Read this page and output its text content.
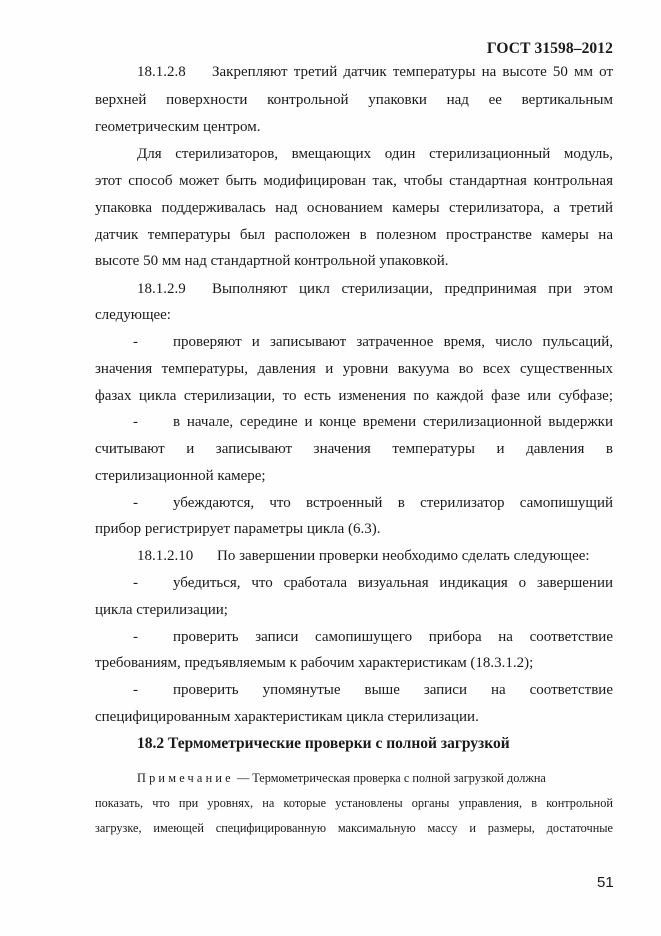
ГОСТ 31598–2012
18.1.2.8 Закрепляют третий датчик температуры на высоте 50 мм от
верхней поверхности контрольной упаковки над ее вертикальным
геометрическим центром.
Для стерилизаторов, вмещающих один стерилизационный модуль,
этот способ может быть модифицирован так, чтобы стандартная контрольная
упаковка поддерживалась над основанием камеры стерилизатора, а третий
датчик температуры был расположен в полезном пространстве камеры на
высоте 50 мм над стандартной контрольной упаковкой.
18.1.2.9 Выполняют цикл стерилизации, предпринимая при этом
следующее:
- проверяют и записывают затраченное время, число пульсаций,
значения температуры, давления и уровни вакуума во всех существенных
фазах цикла стерилизации, то есть изменения по каждой фазе или субфазе;
- в начале, середине и конце времени стерилизационной выдержки
считывают и записывают значения температуры и давления в
стерилизационной камере;
- убеждаются, что встроенный в стерилизатор самопишущий
прибор регистрирует параметры цикла (6.3).
18.1.2.10 По завершении проверки необходимо сделать следующее:
- убедиться, что сработала визуальная индикация о завершении
цикла стерилизации;
- проверить записи самопишущего прибора на соответствие
требованиям, предъявляемым к рабочим характеристикам (18.3.1.2);
- проверить упомянутые выше записи на соответствие
специфицированным характеристикам цикла стерилизации.
18.2 Термометрические проверки с полной загрузкой
Примечание — Термометрическая проверка с полной загрузкой должна
показать, что при уровнях, на которые установлены органы управления, в контрольной
загрузке, имеющей специфицированную максимальную массу и размеры, достаточные
51
